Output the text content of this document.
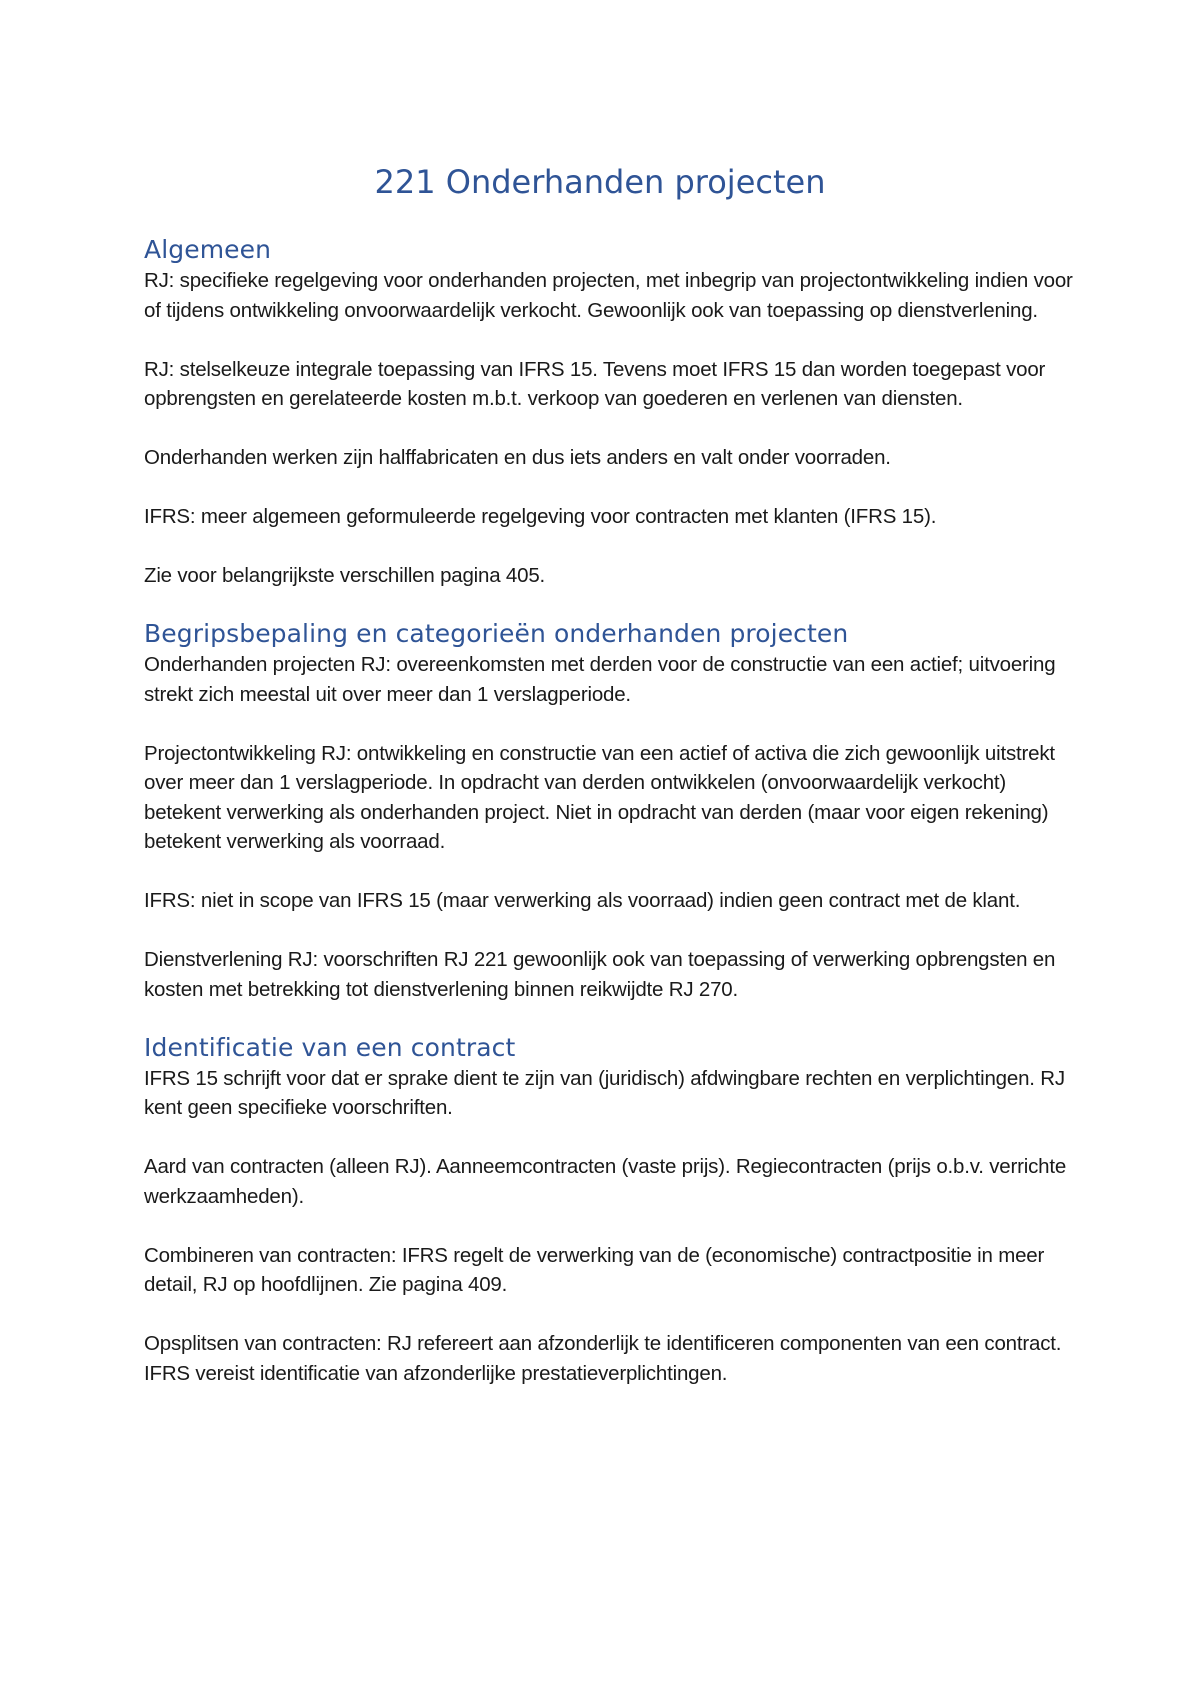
221 Onderhanden projecten
Algemeen

RJ: specifieke regelgeving voor onderhanden projecten, met inbegrip van projectontwikkeling indien voor of tijdens ontwikkeling onvoorwaardelijk verkocht. Gewoonlijk ook van toepassing op dienstverlening.

RJ: stelselkeuze integrale toepassing van IFRS 15. Tevens moet IFRS 15 dan worden toegepast voor opbrengsten en gerelateerde kosten m.b.t. verkoop van goederen en verlenen van diensten.

Onderhanden werken zijn halffabricaten en dus iets anders en valt onder voorraden.

IFRS: meer algemeen geformuleerde regelgeving voor contracten met klanten (IFRS 15).

Zie voor belangrijkste verschillen pagina 405.

Begripsbepaling en categorieën onderhanden projecten

Onderhanden projecten RJ: overeenkomsten met derden voor de constructie van een actief; uitvoering strekt zich meestal uit over meer dan 1 verslagperiode.

Projectontwikkeling RJ: ontwikkeling en constructie van een actief of activa die zich gewoonlijk uitstrekt over meer dan 1 verslagperiode. In opdracht van derden ontwikkelen (onvoorwaardelijk verkocht) betekent verwerking als onderhanden project. Niet in opdracht van derden (maar voor eigen rekening) betekent verwerking als voorraad.

IFRS: niet in scope van IFRS 15 (maar verwerking als voorraad) indien geen contract met de klant.

Dienstverlening RJ: voorschriften RJ 221 gewoonlijk ook van toepassing of verwerking opbrengsten en kosten met betrekking tot dienstverlening binnen reikwijdte RJ 270.

Identificatie van een contract

IFRS 15 schrijft voor dat er sprake dient te zijn van (juridisch) afdwingbare rechten en verplichtingen. RJ kent geen specifieke voorschriften.

Aard van contracten (alleen RJ). Aanneemcontracten (vaste prijs). Regiecontracten (prijs o.b.v. verrichte werkzaamheden).

Combineren van contracten: IFRS regelt de verwerking van de (economische) contractpositie in meer detail, RJ op hoofdlijnen. Zie pagina 409.

Opsplitsen van contracten: RJ refereert aan afzonderlijk te identificeren componenten van een contract. IFRS vereist identificatie van afzonderlijke prestatieverplichtingen.
